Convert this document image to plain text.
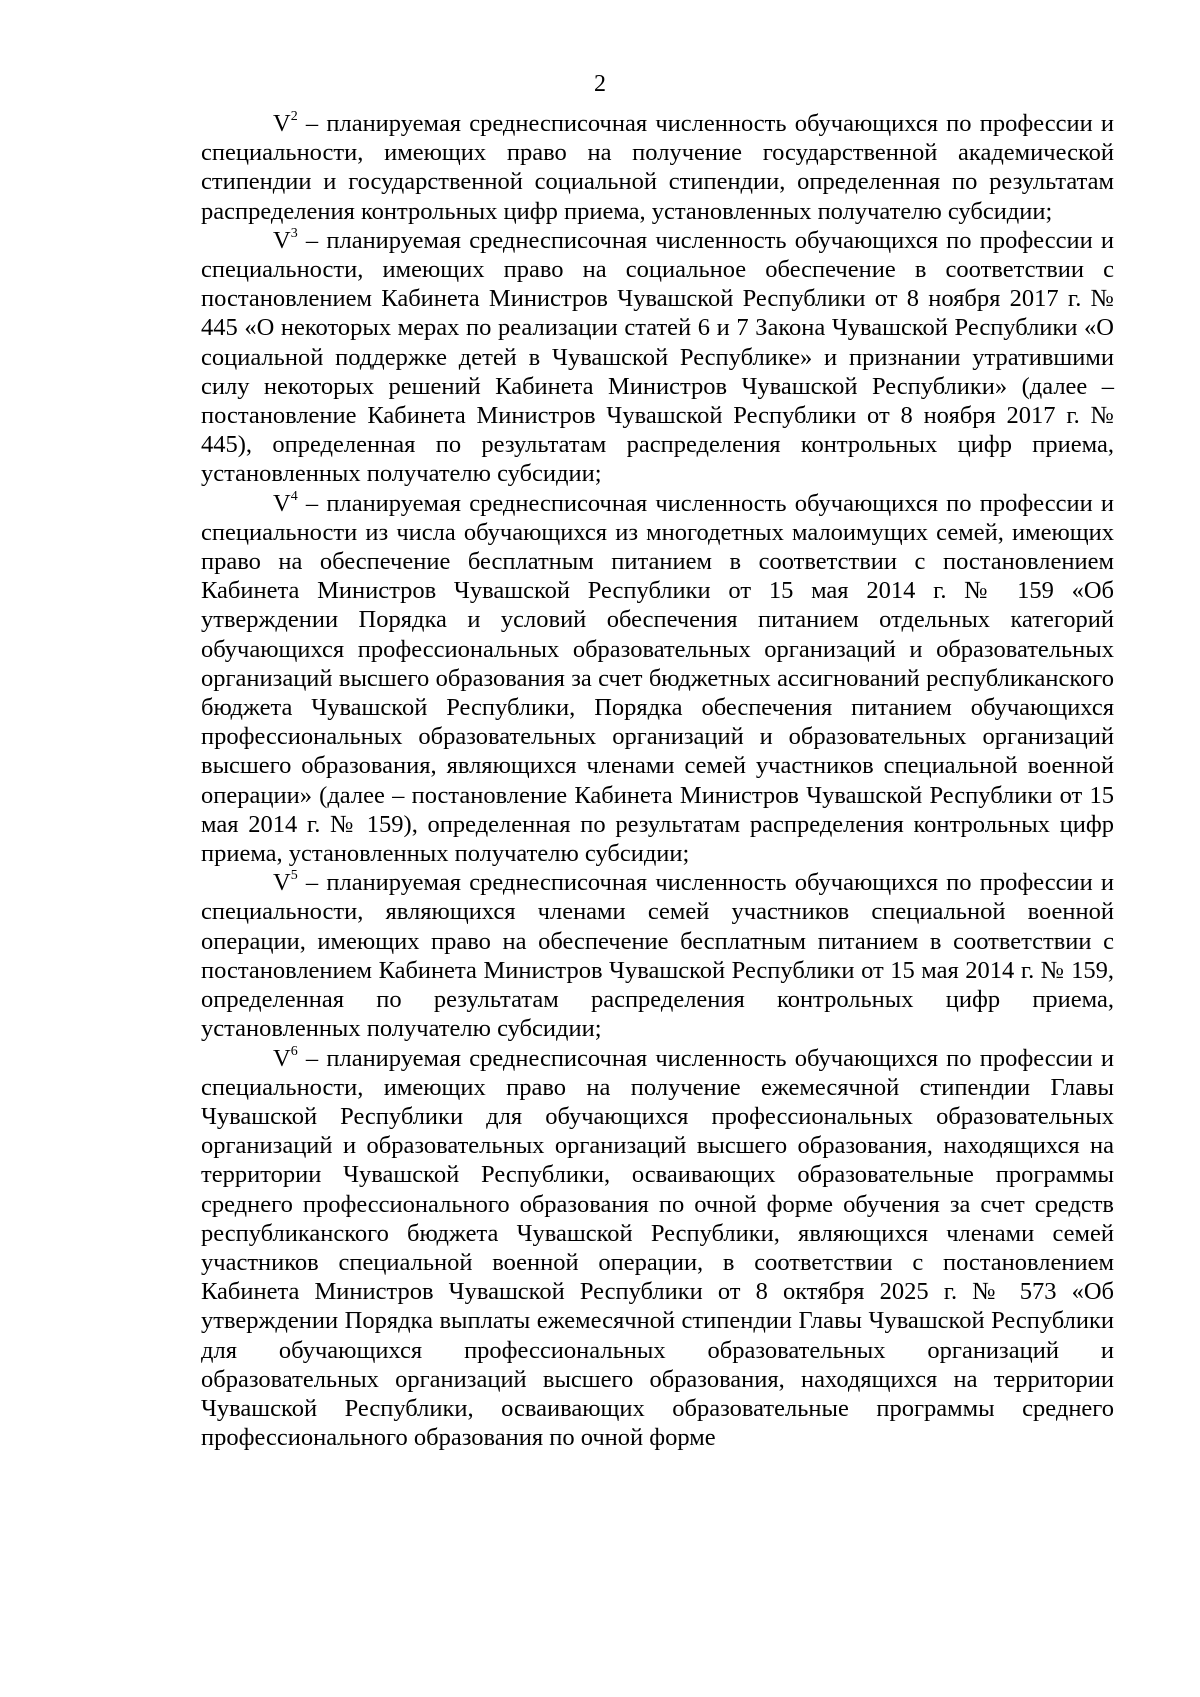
2

$V^2$ – планируемая среднесписочная численность обучающихся по профессии и специальности, имеющих право на получение государственной академической стипендии и государственной социальной стипендии, определенная по результатам распределения контрольных цифр приема, установленных получателю субсидии;

$V^3$ – планируемая среднесписочная численность обучающихся по профессии и специальности, имеющих право на социальное обеспечение в соответствии с постановлением Кабинета Министров Чувашской Республики от 8 ноября 2017 г. № 445 «О некоторых мерах по реализации статей 6 и 7 Закона Чувашской Республики «О социальной поддержке детей в Чувашской Республике» и признании утратившими силу некоторых решений Кабинета Министров Чувашской Республики» (далее – постановление Кабинета Министров Чувашской Республики от 8 ноября 2017 г. № 445), определенная по результатам распределения контрольных цифр приема, установленных получателю субсидии;

$V^4$ – планируемая среднесписочная численность обучающихся по профессии и специальности из числа обучающихся из многодетных малоимущих семей, имеющих право на обеспечение бесплатным питанием в соответствии с постановлением Кабинета Министров Чувашской Республики от 15 мая 2014 г. № 159 «Об утверждении Порядка и условий обеспечения питанием отдельных категорий обучающихся профессиональных образовательных организаций и образовательных организаций высшего образования за счет бюджетных ассигнований республиканского бюджета Чувашской Республики, Порядка обеспечения питанием обучающихся профессиональных образовательных организаций и образовательных организаций высшего образования, являющихся членами семей участников специальной военной операции» (далее – постановление Кабинета Министров Чувашской Республики от 15 мая 2014 г. № 159), определенная по результатам распределения контрольных цифр приема, установленных получателю субсидии;

$V^5$ – планируемая среднесписочная численность обучающихся по профессии и специальности, являющихся членами семей участников специальной военной операции, имеющих право на обеспечение бесплатным питанием в соответствии с постановлением Кабинета Министров Чувашской Республики от 15 мая 2014 г. № 159, определенная по результатам распределения контрольных цифр приема, установленных получателю субсидии;

$V^6$ – планируемая среднесписочная численность обучающихся по профессии и специальности, имеющих право на получение ежемесячной стипендии Главы Чувашской Республики для обучающихся профессиональных образовательных организаций и образовательных организаций высшего образования, находящихся на территории Чувашской Республики, осваивающих образовательные программы среднего профессионального образования по очной форме обучения за счет средств республиканского бюджета Чувашской Республики, являющихся членами семей участников специальной военной операции, в соответствии с постановлением Кабинета Министров Чувашской Республики от 8 октября 2025 г. № 573 «Об утверждении Порядка выплаты ежемесячной стипендии Главы Чувашской Республики для обучающихся профессиональных образовательных организаций и образовательных организаций высшего образования, находящихся на территории Чувашской Республики, осваивающих образовательные программы среднего профессионального образования по очной форме
